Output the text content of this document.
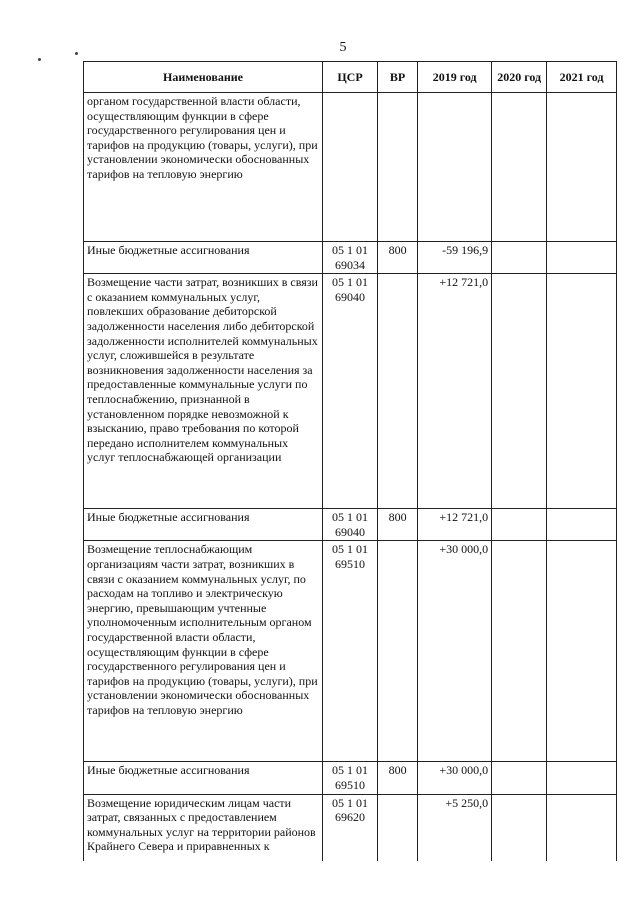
5
Наименование	ЦСР	ВР	2019 год	2020 год	2021 год
органом государственной власти области, осуществляющим функции в сфере государственного регулирования цен и тарифов на продукцию (товары, услуги), при установлении экономически обоснованных тарифов на тепловую энергию					
Иные бюджетные ассигнования	05 1 01 69034	800	-59 196,9		
Возмещение части затрат, возникших в связи с оказанием коммунальных услуг, повлекших образование дебиторской задолженности населения либо дебиторской задолженности исполнителей коммунальных услуг, сложившейся в результате возникновения задолженности населения за предоставленные коммунальные услуги по теплоснабжению, признанной в установленном порядке невозможной к взысканию, право требования по которой передано исполнителем коммунальных услуг теплоснабжающей организации	05 1 01 69040		+12 721,0		
Иные бюджетные ассигнования	05 1 01 69040	800	+12 721,0		
Возмещение теплоснабжающим организациям части затрат, возникших в связи с оказанием коммунальных услуг, по расходам на топливо и электрическую энергию, превышающим учтенные уполномоченным исполнительным органом государственной власти области, осуществляющим функции в сфере государственного регулирования цен и тарифов на продукцию (товары, услуги), при установлении экономически обоснованных тарифов на тепловую энергию	05 1 01 69510		+30 000,0		
Иные бюджетные ассигнования	05 1 01 69510	800	+30 000,0		
Возмещение юридическим лицам части затрат, связанных с предоставлением коммунальных услуг на территории районов Крайнего Севера и приравненных к	05 1 01 69620		+5 250,0		
